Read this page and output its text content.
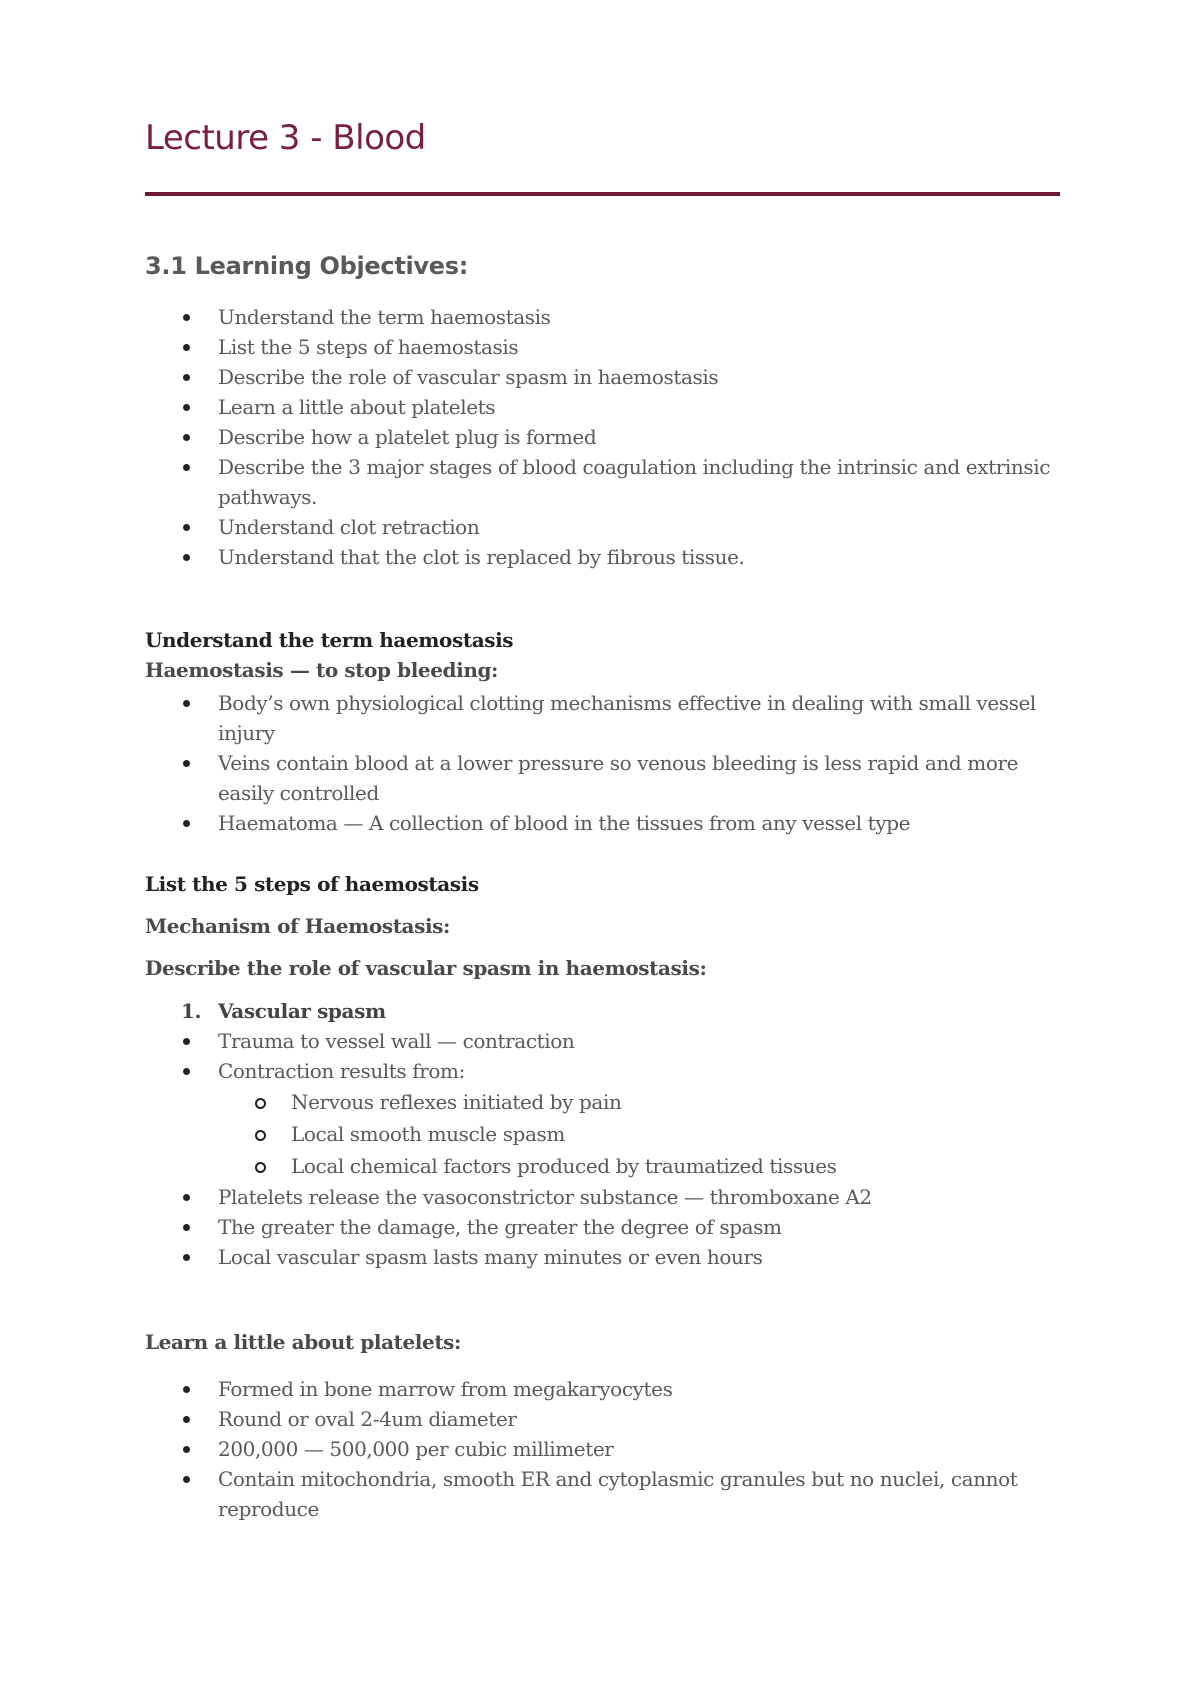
Lecture 3 - Blood
3.1 Learning Objectives:
Understand the term haemostasis
List the 5 steps of haemostasis
Describe the role of vascular spasm in haemostasis
Learn a little about platelets
Describe how a platelet plug is formed
Describe the 3 major stages of blood coagulation including the intrinsic and extrinsic pathways.
Understand clot retraction
Understand that the clot is replaced by fibrous tissue.

Understand the term haemostasis

Haemostasis — to stop bleeding:

Body’s own physiological clotting mechanisms effective in dealing with small vessel injury
Veins contain blood at a lower pressure so venous bleeding is less rapid and more easily controlled
Haematoma — A collection of blood in the tissues from any vessel type

List the 5 steps of haemostasis

Mechanism of Haemostasis:

Describe the role of vascular spasm in haemostasis:

1. Vascular spasm
Trauma to vessel wall — contraction
Contraction results from:
Nervous reflexes initiated by pain
Local smooth muscle spasm
Local chemical factors produced by traumatized tissues
Platelets release the vasoconstrictor substance — thromboxane A2
The greater the damage, the greater the degree of spasm
Local vascular spasm lasts many minutes or even hours

Learn a little about platelets:

Formed in bone marrow from megakaryocytes
Round or oval 2-4um diameter
200,000 — 500,000 per cubic millimeter
Contain mitochondria, smooth ER and cytoplasmic granules but no nuclei, cannot reproduce
